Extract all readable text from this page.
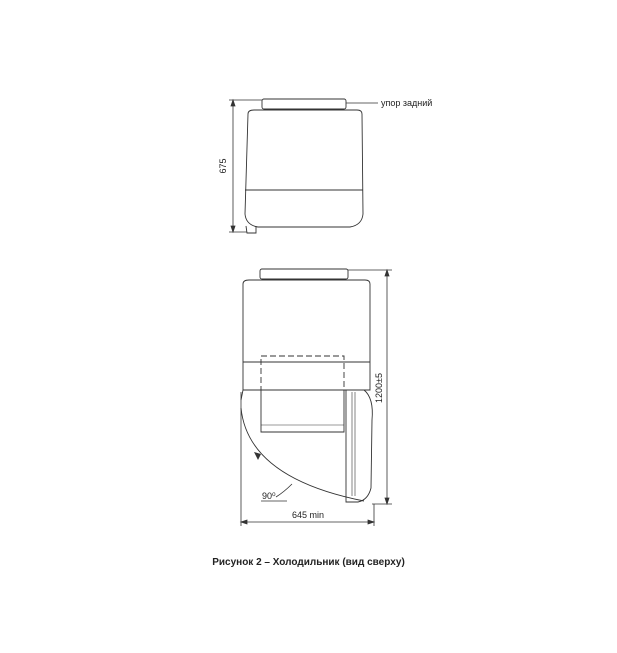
675
упор задний
90⁰
1200±5
645 min
Рисунок 2 – Холодильник (вид сверху)
